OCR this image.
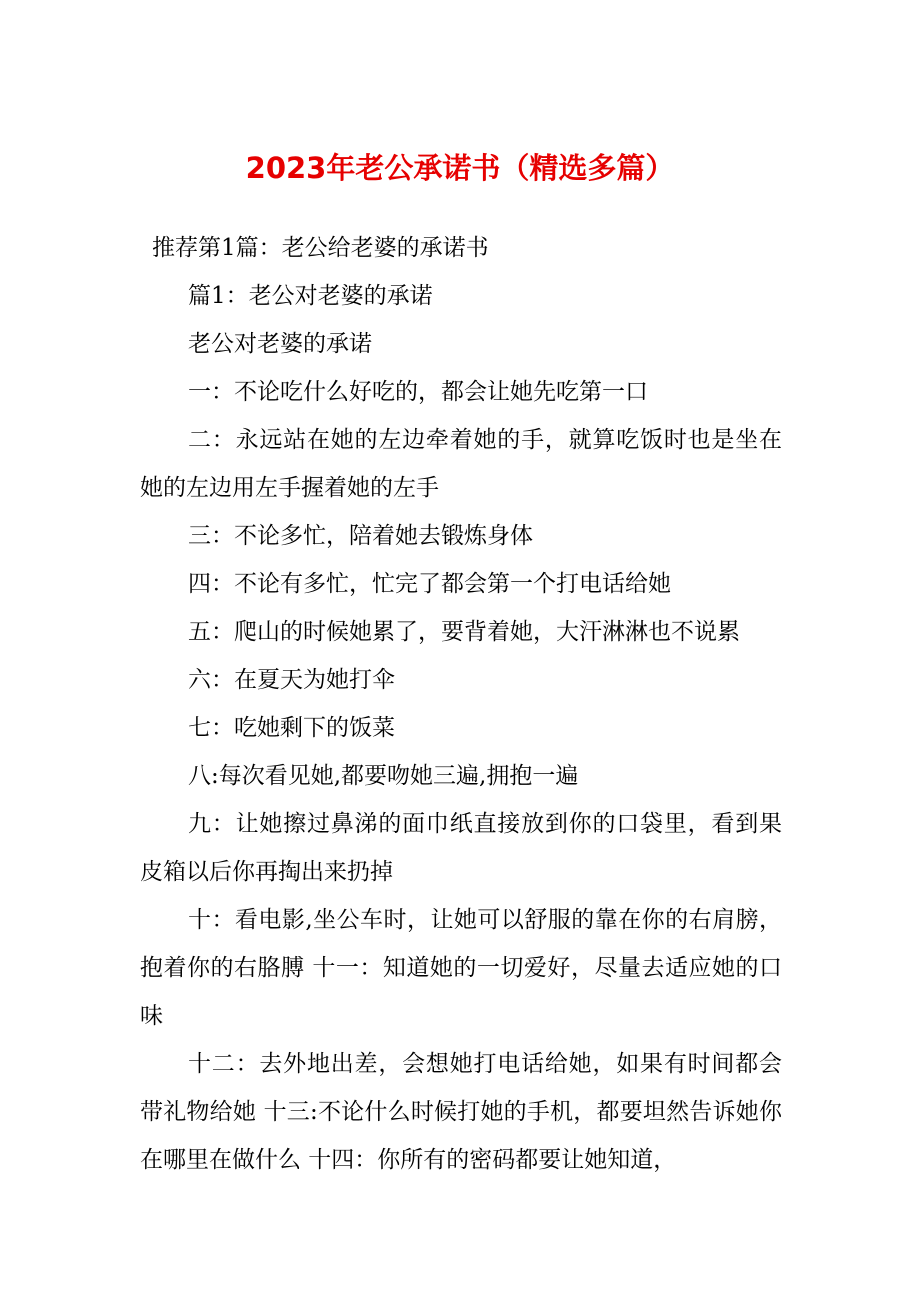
2023年老公承诺书（精选多篇）

推荐第1篇：老公给老婆的承诺书

篇1：老公对老婆的承诺

老公对老婆的承诺

一：不论吃什么好吃的，都会让她先吃第一口

二：永远站在她的左边牵着她的手，就算吃饭时也是坐在她的左边用左手握着她的左手

三：不论多忙，陪着她去锻炼身体

四：不论有多忙，忙完了都会第一个打电话给她

五：爬山的时候她累了，要背着她，大汗淋淋也不说累

六：在夏天为她打伞

七：吃她剩下的饭菜

八:每次看见她,都要吻她三遍,拥抱一遍

九：让她擦过鼻涕的面巾纸直接放到你的口袋里，看到果皮箱以后你再掏出来扔掉

十：看电影,坐公车时，让她可以舒服的靠在你的右肩膀，抱着你的右胳膊 十一：知道她的一切爱好，尽量去适应她的口味

十二：去外地出差，会想她打电话给她，如果有时间都会带礼物给她 十三:不论什么时候打她的手机，都要坦然告诉她你在哪里在做什么 十四：你所有的密码都要让她知道，
